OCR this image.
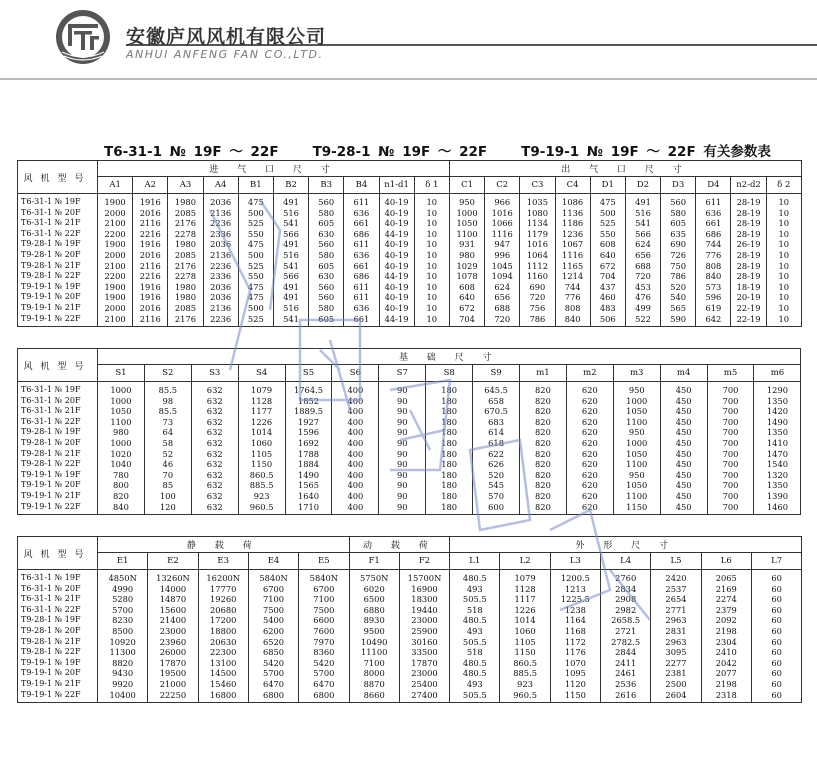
安徽庐风风机有限公司
ANHUI ANFENG FAN CO.,LTD.
T6-31-1 № 19F ～ 22F	T9-28-1 № 19F ～ 22F	T9-19-1 № 19F ～ 22F 有关参数表
风机型号	进 气 口 尺 寸										出 气 口 尺 寸									
	A1	A2	A3	A4	B1	B2	B3	B4	n1-d1	δ 1	C1	C2	C3	C4	D1	D2	D3	D4	n2-d2	δ 2
T6-31-1 № 19F	1900	1916	1980	2036	475	491	560	611	40-19	10	950	966	1035	1086	475	491	560	611	28-19	10
T6-31-1 № 20F	2000	2016	2085	2136	500	516	580	636	40-19	10	1000	1016	1080	1136	500	516	580	636	28-19	10
T6-31-1 № 21F	2100	2116	2176	2236	525	541	605	661	40-19	10	1050	1066	1134	1186	525	541	605	661	28-19	10
T6-31-1 № 22F	2200	2216	2278	2336	550	566	630	686	44-19	10	1100	1116	1179	1236	550	566	635	686	28-19	10
T9-28-1 № 19F	1900	1916	1980	2036	475	491	560	611	40-19	10	931	947	1016	1067	608	624	690	744	26-19	10
T9-28-1 № 20F	2000	2016	2085	2136	500	516	580	636	40-19	10	980	996	1064	1116	640	656	726	776	28-19	10
T9-28-1 № 21F	2100	2116	2176	2236	525	541	605	661	40-19	10	1029	1045	1112	1165	672	688	750	808	28-19	10
T9-28-1 № 22F	2200	2216	2278	2336	550	566	630	686	44-19	10	1078	1094	1160	1214	704	720	786	840	28-19	10
T9-19-1 № 19F	1900	1916	1980	2036	475	491	560	611	40-19	10	608	624	690	744	437	453	520	573	18-19	10
T9-19-1 № 20F	1900	1916	1980	2036	475	491	560	611	40-19	10	640	656	720	776	460	476	540	596	20-19	10
T9-19-1 № 21F	2000	2016	2085	2136	500	516	580	636	40-19	10	672	688	756	808	483	499	565	619	22-19	10
T9-19-1 № 22F	2100	2116	2176	2236	525	541	605	661	44-19	10	704	720	786	840	506	522	590	642	22-19	10
风机型号	基 础 尺 寸														
	S1	S2	S3	S4	S5	S6	S7	S8	S9	m1	m2	m3	m4	m5	m6
T6-31-1 № 19F	1000	85.5	632	1079	1764.5	400	90	180	645.5	820	620	950	450	700	1290
T6-31-1 № 20F	1000	98	632	1128	1852	400	90	180	658	820	620	1000	450	700	1350
T6-31-1 № 21F	1050	85.5	632	1177	1889.5	400	90	180	670.5	820	620	1050	450	700	1420
T6-31-1 № 22F	1100	73	632	1226	1927	400	90	180	683	820	620	1100	450	700	1490
T9-28-1 № 19F	980	64	632	1014	1596	400	90	180	614	820	620	950	450	700	1350
T9-28-1 № 20F	1000	58	632	1060	1692	400	90	180	618	820	620	1000	450	700	1410
T9-28-1 № 21F	1020	52	632	1105	1788	400	90	180	622	820	620	1050	450	700	1470
T9-28-1 № 22F	1040	46	632	1150	1884	400	90	180	626	820	620	1100	450	700	1540
T9-19-1 № 19F	780	70	632	860.5	1490	400	90	180	520	820	620	950	450	700	1320
T9-19-1 № 20F	800	85	632	885.5	1565	400	90	180	545	820	620	1050	450	700	1350
T9-19-1 № 21F	820	100	632	923	1640	400	90	180	570	820	620	1100	450	700	1390
T9-19-1 № 22F	840	120	632	960.5	1710	400	90	180	600	820	620	1150	450	700	1460
风机型号	静 载 荷					动 载 荷		外 形 尺 寸						
	E1	E2	E3	E4	E5	F1	F2	L1	L2	L3	L4	L5	L6	L7
T6-31-1 № 19F	4850N	13260N	16200N	5840N	5840N	5750N	15700N	480.5	1079	1200.5	2760	2420	2065	60
T6-31-1 № 20F	4990	14000	17770	6700	6700	6020	16900	493	1128	1213	2834	2537	2169	60
T6-31-1 № 21F	5280	14870	19260	7100	7100	6500	18300	505.5	1117	1225.5	2908	2654	2274	60
T6-31-1 № 22F	5700	15600	20680	7500	7500	6880	19440	518	1226	1238	2982	2771	2379	60
T9-28-1 № 19F	8230	21400	17200	5400	6600	8930	23000	480.5	1014	1164	2658.5	2963	2092	60
T9-28-1 № 20F	8500	23000	18800	6200	7600	9500	25900	493	1060	1168	2721	2831	2198	60
T9-28-1 № 21F	10920	23960	20630	6520	7970	10490	30160	505.5	1105	1172	2782.5	2963	2304	60
T9-28-1 № 22F	11300	26000	22300	6850	8360	11100	33500	518	1150	1176	2844	3095	2410	60
T9-19-1 № 19F	8820	17870	13100	5420	5420	7100	17870	480.5	860.5	1070	2411	2277	2042	60
T9-19-1 № 20F	9430	19500	14500	5700	5700	8000	23000	480.5	885.5	1095	2461	2381	2077	60
T9-19-1 № 21F	9920	21000	15460	6470	6470	8870	25400	493	923	1120	2536	2500	2198	60
T9-19-1 № 22F	10400	22250	16800	6800	6800	8660	27400	505.5	960.5	1150	2616	2604	2318	60
